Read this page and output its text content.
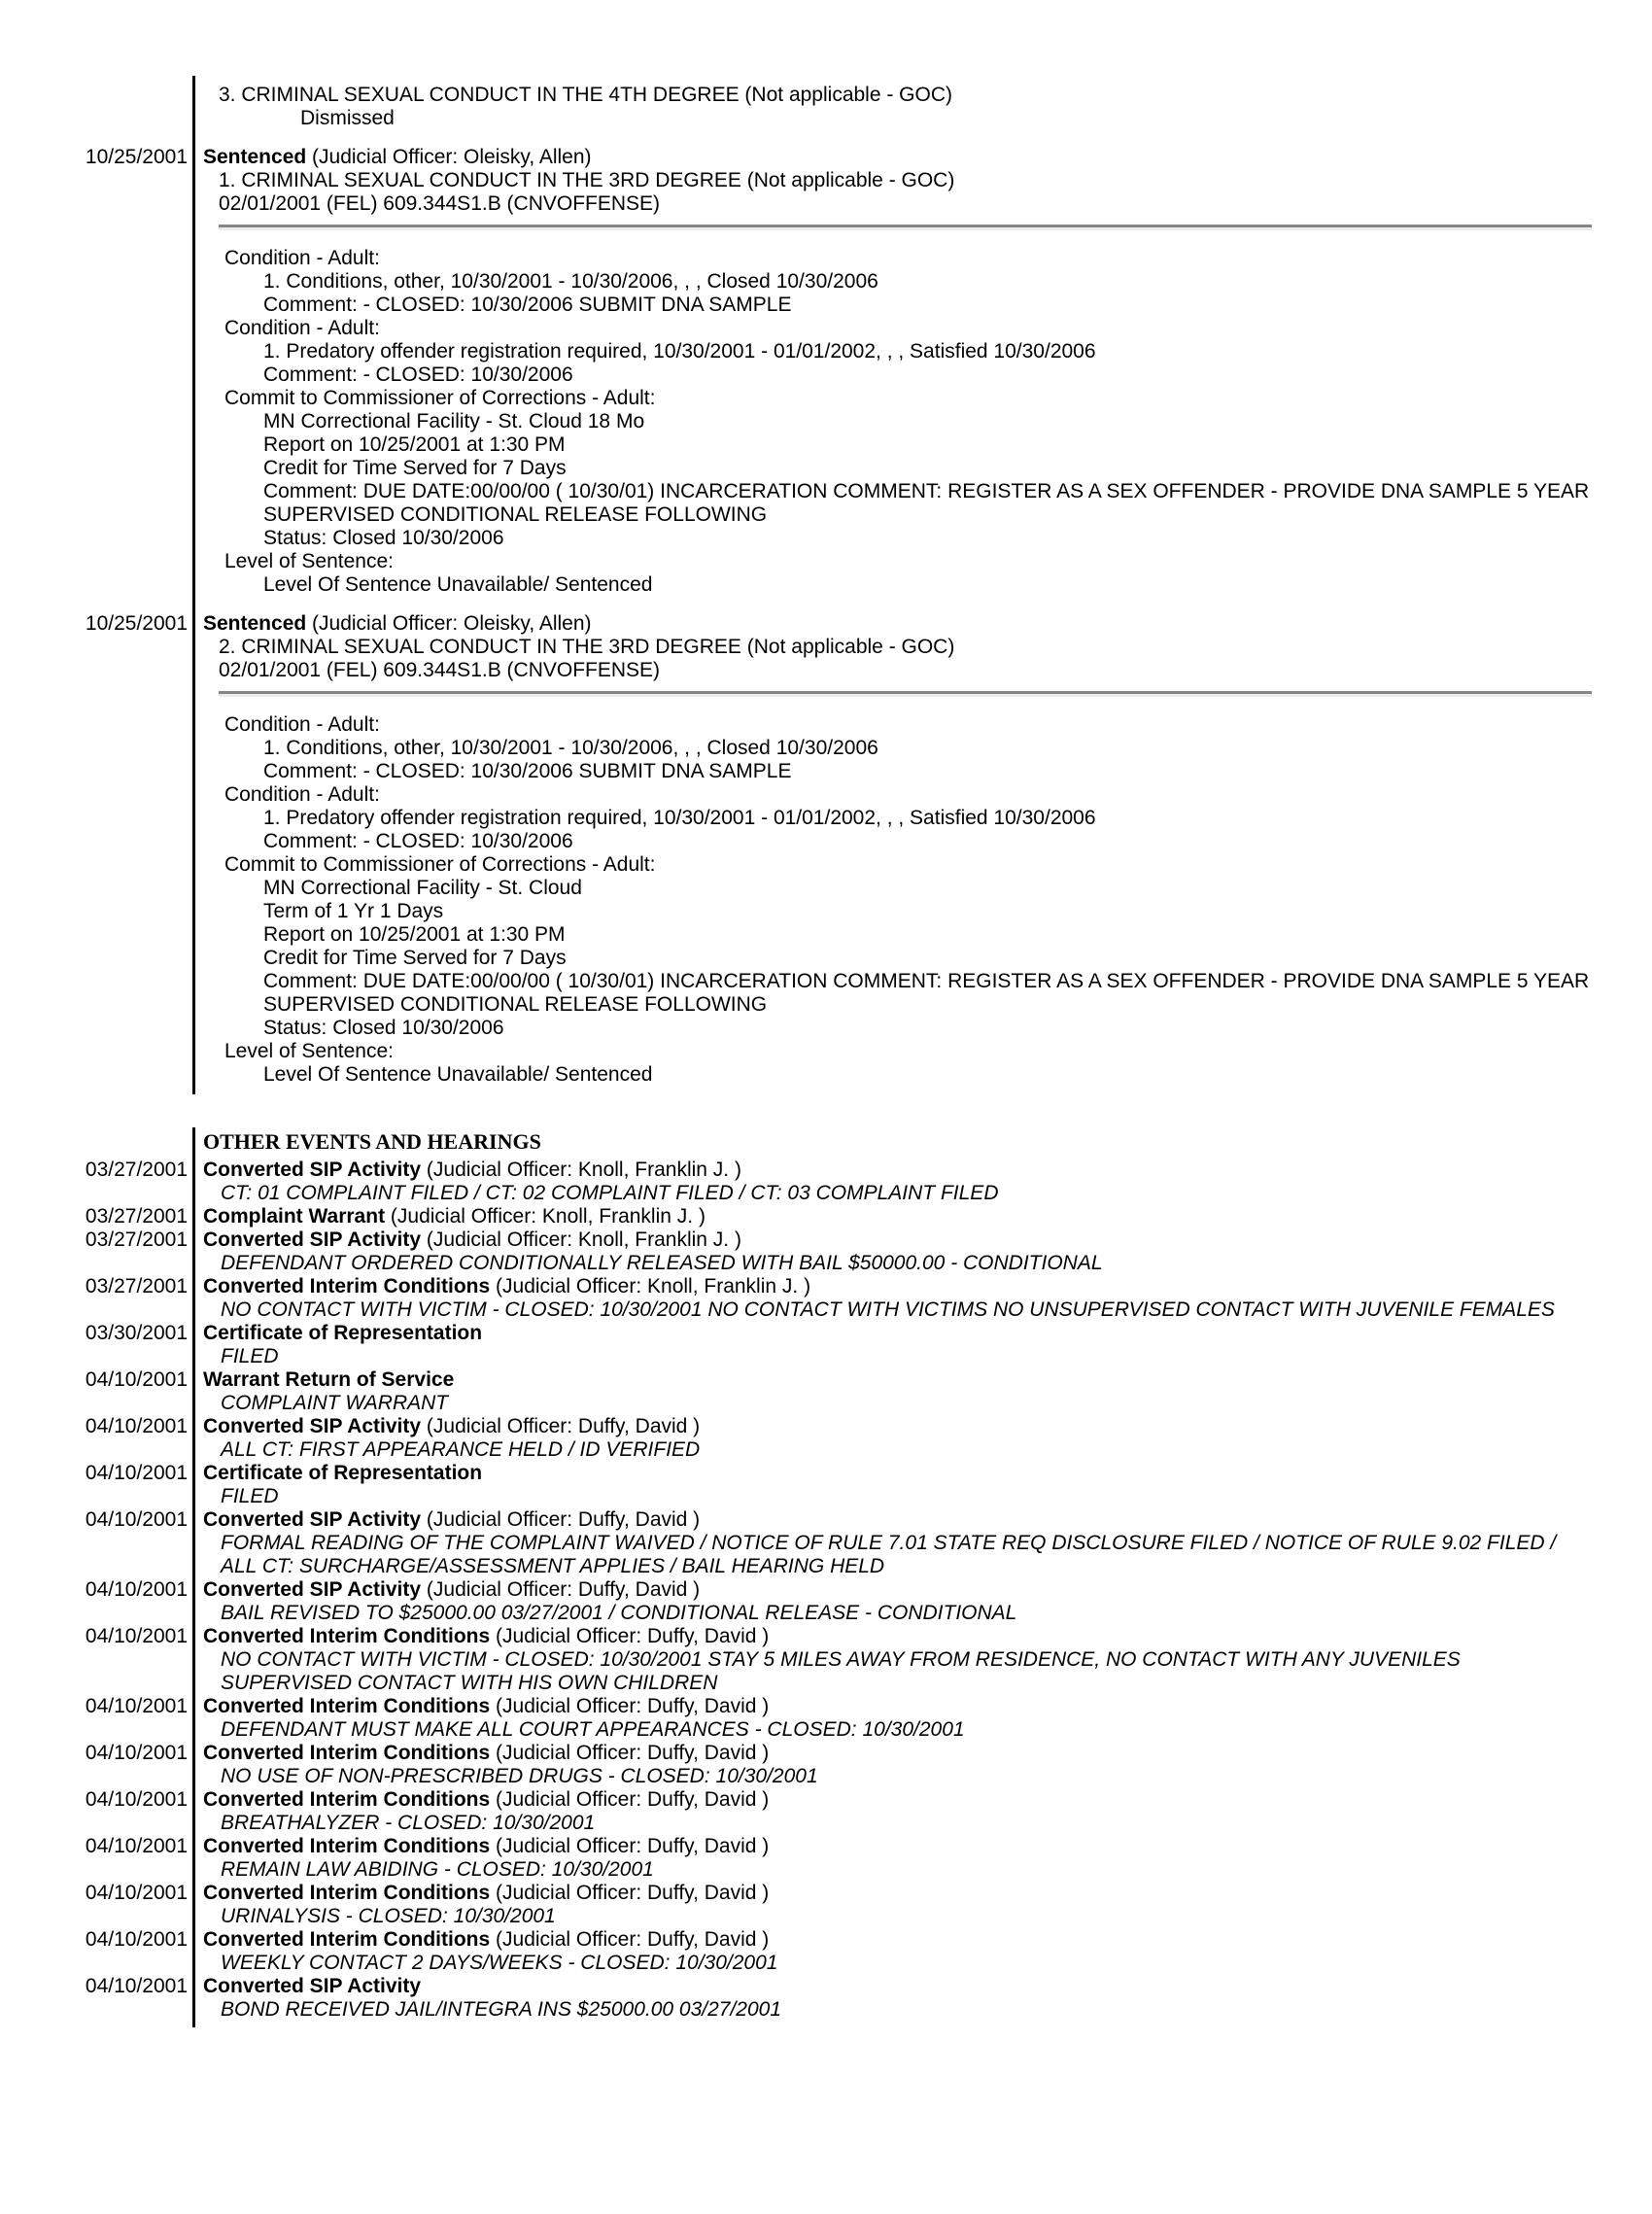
3. CRIMINAL SEXUAL CONDUCT IN THE 4TH DEGREE (Not applicable - GOC)
Dismissed
10/25/2001 Sentenced (Judicial Officer: Oleisky, Allen)
1. CRIMINAL SEXUAL CONDUCT IN THE 3RD DEGREE (Not applicable - GOC)
02/01/2001 (FEL) 609.344S1.B (CNVOFFENSE)
Condition - Adult:
1. Conditions, other, 10/30/2001 - 10/30/2006, , , Closed 10/30/2006
Comment: - CLOSED: 10/30/2006 SUBMIT DNA SAMPLE
Condition - Adult:
1. Predatory offender registration required, 10/30/2001 - 01/01/2002, , , Satisfied 10/30/2006
Comment: - CLOSED: 10/30/2006
Commit to Commissioner of Corrections - Adult:
MN Correctional Facility - St. Cloud 18 Mo
Report on 10/25/2001 at 1:30 PM
Credit for Time Served for 7 Days
Comment: DUE DATE:00/00/00 ( 10/30/01) INCARCERATION COMMENT: REGISTER AS A SEX OFFENDER - PROVIDE DNA SAMPLE 5 YEAR SUPERVISED CONDITIONAL RELEASE FOLLOWING
Status: Closed 10/30/2006
Level of Sentence:
Level Of Sentence Unavailable/ Sentenced
10/25/2001 Sentenced (Judicial Officer: Oleisky, Allen)
2. CRIMINAL SEXUAL CONDUCT IN THE 3RD DEGREE (Not applicable - GOC)
02/01/2001 (FEL) 609.344S1.B (CNVOFFENSE)
Condition - Adult:
1. Conditions, other, 10/30/2001 - 10/30/2006, , , Closed 10/30/2006
Comment: - CLOSED: 10/30/2006 SUBMIT DNA SAMPLE
Condition - Adult:
1. Predatory offender registration required, 10/30/2001 - 01/01/2002, , , Satisfied 10/30/2006
Comment: - CLOSED: 10/30/2006
Commit to Commissioner of Corrections - Adult:
MN Correctional Facility - St. Cloud
Term of 1 Yr 1 Days
Report on 10/25/2001 at 1:30 PM
Credit for Time Served for 7 Days
Comment: DUE DATE:00/00/00 ( 10/30/01) INCARCERATION COMMENT: REGISTER AS A SEX OFFENDER - PROVIDE DNA SAMPLE 5 YEAR SUPERVISED CONDITIONAL RELEASE FOLLOWING
Status: Closed 10/30/2006
Level of Sentence:
Level Of Sentence Unavailable/ Sentenced
OTHER EVENTS AND HEARINGS
03/27/2001 Converted SIP Activity (Judicial Officer: Knoll, Franklin J. )
CT: 01 COMPLAINT FILED / CT: 02 COMPLAINT FILED / CT: 03 COMPLAINT FILED
03/27/2001 Complaint Warrant (Judicial Officer: Knoll, Franklin J. )
03/27/2001 Converted SIP Activity (Judicial Officer: Knoll, Franklin J. )
DEFENDANT ORDERED CONDITIONALLY RELEASED WITH BAIL $50000.00 - CONDITIONAL
03/27/2001 Converted Interim Conditions (Judicial Officer: Knoll, Franklin J. )
NO CONTACT WITH VICTIM - CLOSED: 10/30/2001 NO CONTACT WITH VICTIMS NO UNSUPERVISED CONTACT WITH JUVENILE FEMALES
03/30/2001 Certificate of Representation
FILED
04/10/2001 Warrant Return of Service
COMPLAINT WARRANT
04/10/2001 Converted SIP Activity (Judicial Officer: Duffy, David )
ALL CT: FIRST APPEARANCE HELD / ID VERIFIED
04/10/2001 Certificate of Representation
FILED
04/10/2001 Converted SIP Activity (Judicial Officer: Duffy, David )
FORMAL READING OF THE COMPLAINT WAIVED / NOTICE OF RULE 7.01 STATE REQ DISCLOSURE FILED / NOTICE OF RULE 9.02 FILED / ALL CT: SURCHARGE/ASSESSMENT APPLIES / BAIL HEARING HELD
04/10/2001 Converted SIP Activity (Judicial Officer: Duffy, David )
BAIL REVISED TO $25000.00 03/27/2001 / CONDITIONAL RELEASE - CONDITIONAL
04/10/2001 Converted Interim Conditions (Judicial Officer: Duffy, David )
NO CONTACT WITH VICTIM - CLOSED: 10/30/2001 STAY 5 MILES AWAY FROM RESIDENCE, NO CONTACT WITH ANY JUVENILES SUPERVISED CONTACT WITH HIS OWN CHILDREN
04/10/2001 Converted Interim Conditions (Judicial Officer: Duffy, David )
DEFENDANT MUST MAKE ALL COURT APPEARANCES - CLOSED: 10/30/2001
04/10/2001 Converted Interim Conditions (Judicial Officer: Duffy, David )
NO USE OF NON-PRESCRIBED DRUGS - CLOSED: 10/30/2001
04/10/2001 Converted Interim Conditions (Judicial Officer: Duffy, David )
BREATHALYZER - CLOSED: 10/30/2001
04/10/2001 Converted Interim Conditions (Judicial Officer: Duffy, David )
REMAIN LAW ABIDING - CLOSED: 10/30/2001
04/10/2001 Converted Interim Conditions (Judicial Officer: Duffy, David )
URINALYSIS - CLOSED: 10/30/2001
04/10/2001 Converted Interim Conditions (Judicial Officer: Duffy, David )
WEEKLY CONTACT 2 DAYS/WEEKS - CLOSED: 10/30/2001
04/10/2001 Converted SIP Activity
BOND RECEIVED JAIL/INTEGRA INS $25000.00 03/27/2001
